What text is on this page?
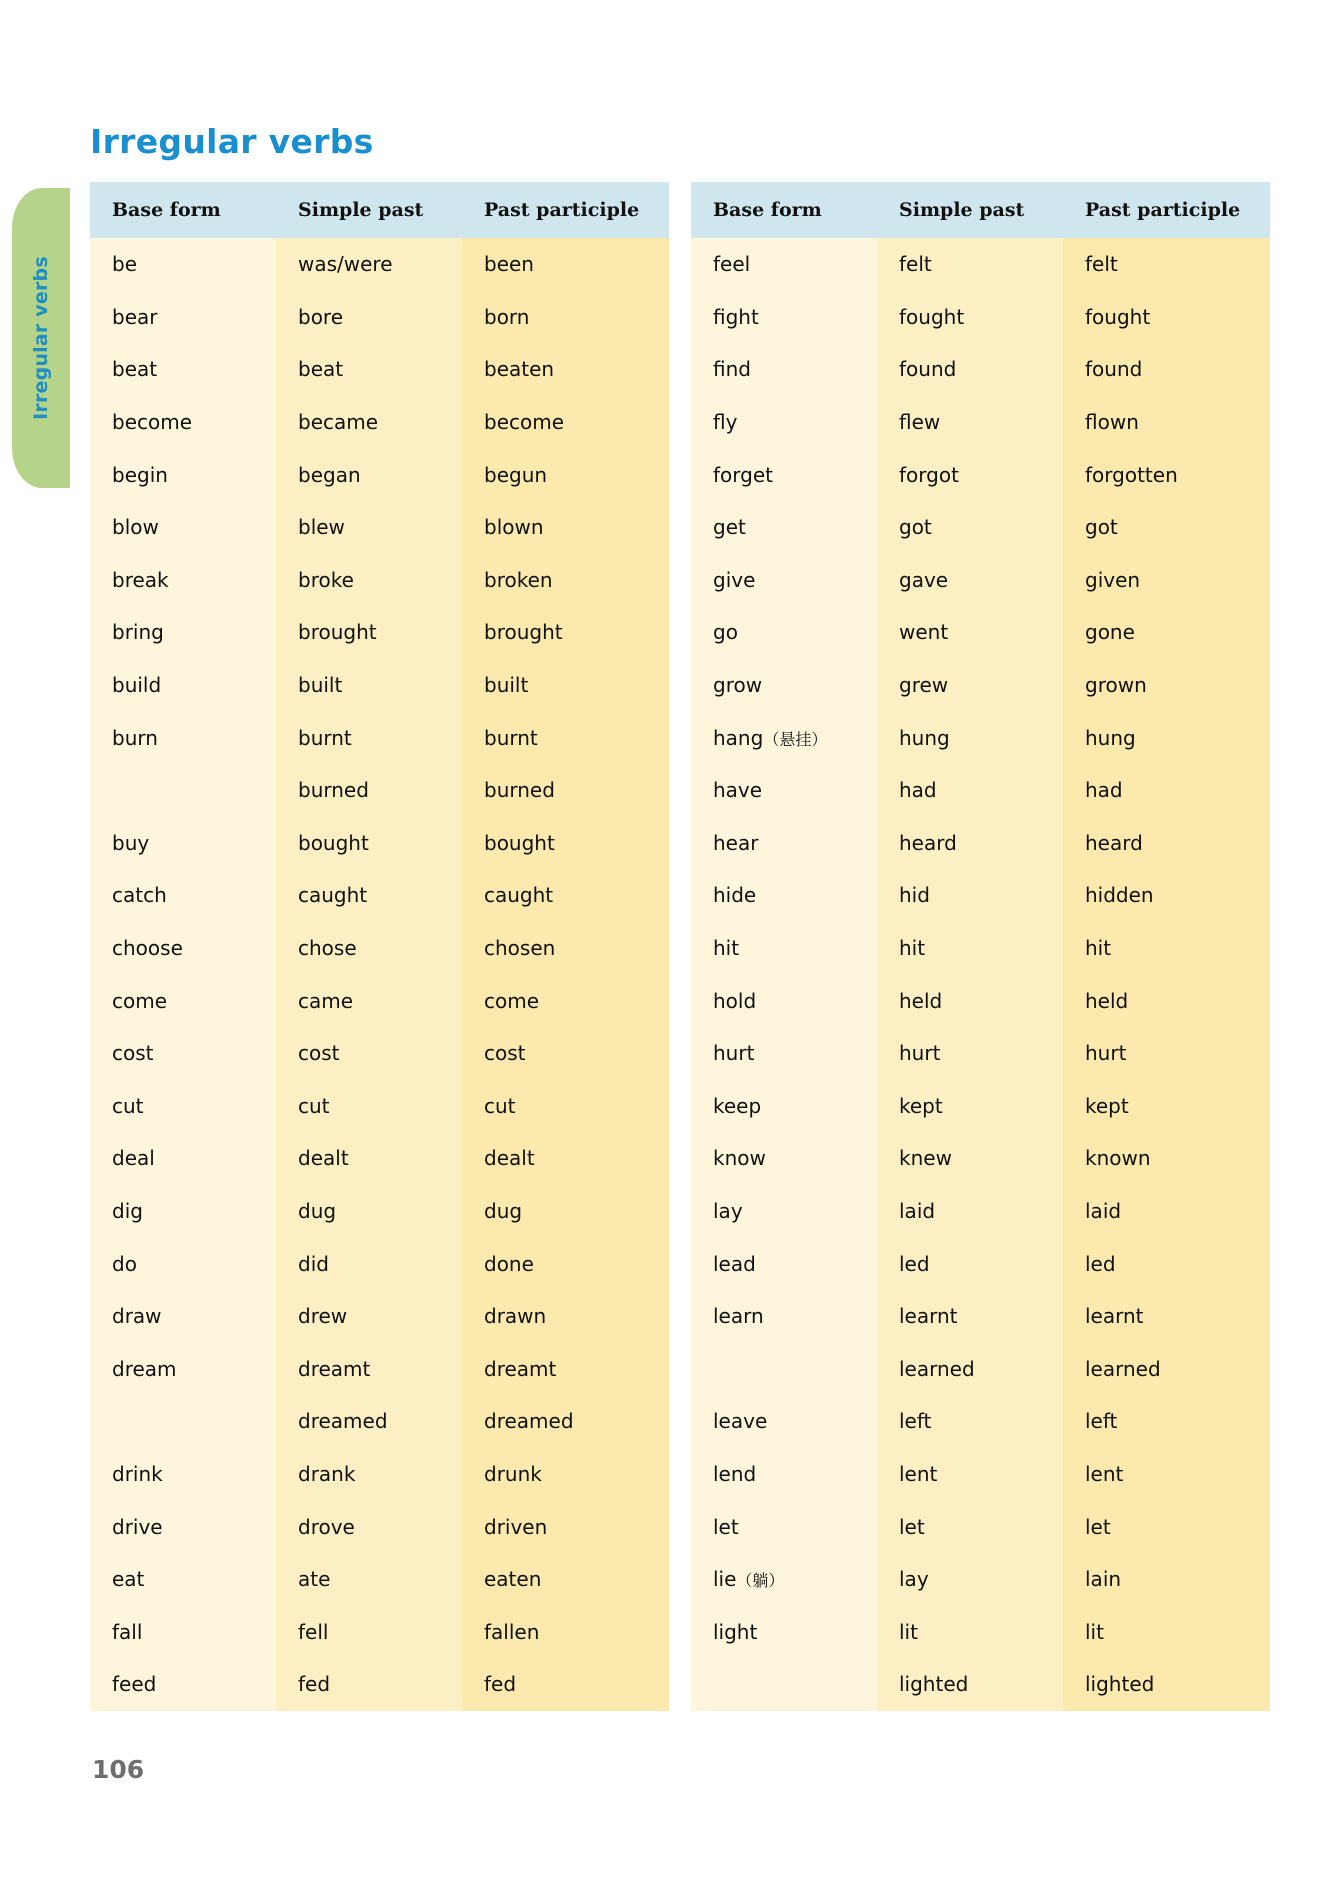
Irregular verbs
Irregular verbs
Base form	Simple past	Past participle
be	was/were	been
bear	bore	born
beat	beat	beaten
become	became	become
begin	began	begun
blow	blew	blown
break	broke	broken
bring	brought	brought
build	built	built
burn	burnt	burnt
	burned	burned
buy	bought	bought
catch	caught	caught
choose	chose	chosen
come	came	come
cost	cost	cost
cut	cut	cut
deal	dealt	dealt
dig	dug	dug
do	did	done
draw	drew	drawn
dream	dreamt	dreamt
	dreamed	dreamed
drink	drank	drunk
drive	drove	driven
eat	ate	eaten
fall	fell	fallen
feed	fed	fed
Base form	Simple past	Past participle
feel	felt	felt
fight	fought	fought
find	found	found
fly	flew	flown
forget	forgot	forgotten
get	got	got
give	gave	given
go	went	gone
grow	grew	grown
hang（悬挂）	hung	hung
have	had	had
hear	heard	heard
hide	hid	hidden
hit	hit	hit
hold	held	held
hurt	hurt	hurt
keep	kept	kept
know	knew	known
lay	laid	laid
lead	led	led
learn	learnt	learnt
	learned	learned
leave	left	left
lend	lent	lent
let	let	let
lie（躺）	lay	lain
light	lit	lit
	lighted	lighted
106
